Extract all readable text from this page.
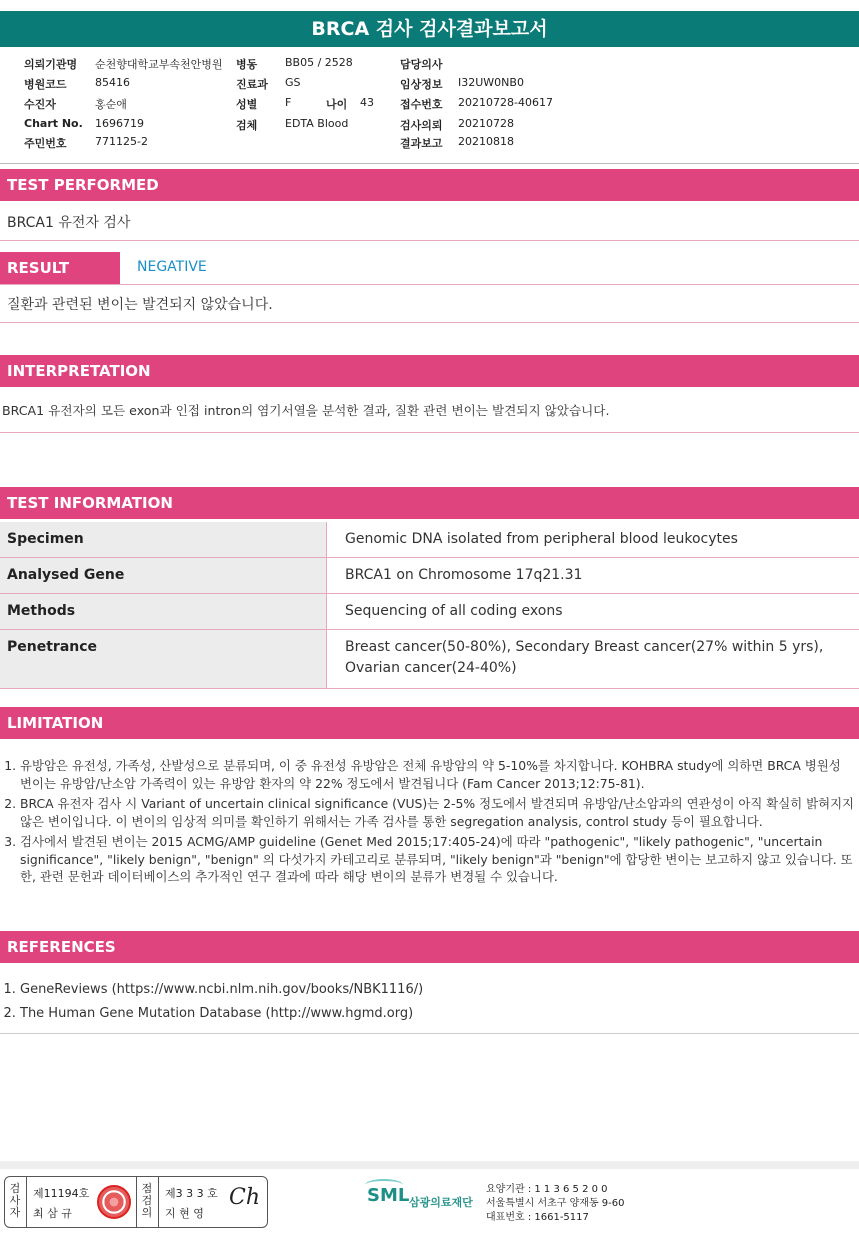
BRCA 검사 검사결과보고서
의뢰기관명 순천향대학교부속천안병원 병동	BB05 / 2528	담당의사
병원코드	85416	진료과 GS	임상정보 I32UW0NB0
수진자	홍순애	성별	F	나이 43 접수번호 20210728-40617
Chart No. 1696719	검체	EDTA Blood	검사의뢰 20210728
주민번호	771125-2	결과보고 20210818
TEST PERFORMED
BRCA1 유전자 검사
RESULT	NEGATIVE
질환과 관련된 변이는 발견되지 않았습니다.
INTERPRETATION
BRCA1 유전자의 모든 exon과 인접 intron의 염기서열을 분석한 결과, 질환 관련 변이는 발견되지 않았습니다.
TEST INFORMATION
Specimen	Genomic DNA isolated from peripheral blood leukocytes
Analysed Gene	BRCA1 on Chromosome 17q21.31
Methods	Sequencing of all coding exons
Penetrance	Breast cancer(50-80%), Secondary Breast cancer(27% within 5 yrs), Ovarian cancer(24-40%)
LIMITATION
1. 유방암은 유전성, 가족성, 산발성으로 분류되며, 이 중 유전성 유방암은 전체 유방암의 약 5-10%를 차지합니다. KOHBRA study에 의하면 BRCA 병원성 변이는 유방암/난소암 가족력이 있는 유방암 환자의 약 22% 정도에서 발견됩니다 (Fam Cancer 2013;12:75-81).
2. BRCA 유전자 검사 시 Variant of uncertain clinical significance (VUS)는 2-5% 정도에서 발견되며 유방암/난소암과의 연관성이 아직 확실히 밝혀지지 않은 변이입니다. 이 변이의 임상적 의미를 확인하기 위해서는 가족 검사를 통한 segregation analysis, control study 등이 필요합니다.
3. 검사에서 발견된 변이는 2015 ACMG/AMP guideline (Genet Med 2015;17:405-24)에 따라 "pathogenic", "likely pathogenic", "uncertain significance", "likely benign", "benign" 의 다섯가지 카테고리로 분류되며, "likely benign"과 "benign"에 합당한 변이는 보고하지 않고 있습니다. 또한, 관련 문헌과 데이터베이스의 추가적인 연구 결과에 따라 해당 변이의 분류가 변경될 수 있습니다.
REFERENCES
1. GeneReviews (https://www.ncbi.nlm.nih.gov/books/NBK1116/)
2. The Human Gene Mutation Database (http://www.hgmd.org)
검사자
제11194호
최 삼 규
점검의
제3 3 3 호
지 현 영
Ch	SML 삼광의료재단
요양기관 : 1 1 3 6 5 2 0 0
서울특별시 서초구 양재동 9-60
대표번호 : 1661-5117
